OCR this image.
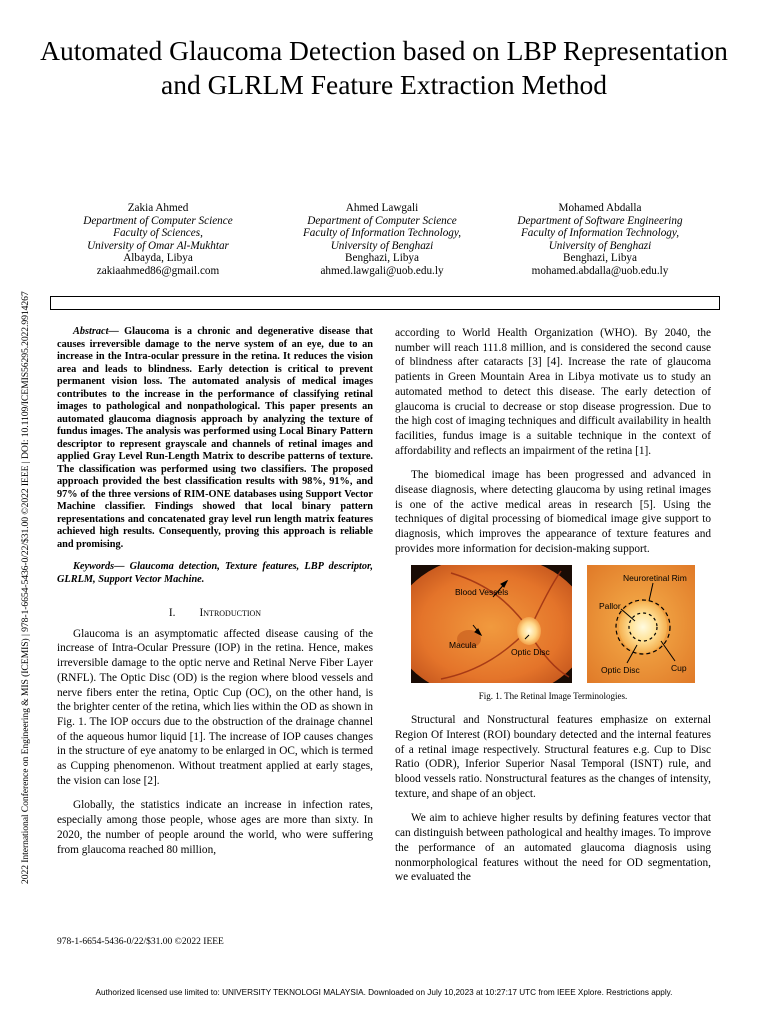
Automated Glaucoma Detection based on LBP Representation and GLRLM Feature Extraction Method
2022 International Conference on Engineering & MIS (ICEMIS) | 978-1-6654-5436-0/22/$31.00 ©2022 IEEE | DOI: 10.1109/ICEMIS56295.2022.9914267
Zakia Ahmed
Department of Computer Science
Faculty of Sciences,
University of Omar Al-Mukhtar
Albayda, Libya
zakiaahmed86@gmail.com
Ahmed Lawgali
Department of Computer Science
Faculty of Information Technology,
University of Benghazi
Benghazi, Libya
ahmed.lawgali@uob.edu.ly
Mohamed Abdalla
Department of Software Engineering
Faculty of Information Technology,
University of Benghazi
Benghazi, Libya
mohamed.abdalla@uob.edu.ly

Abstract— Glaucoma is a chronic and degenerative disease that causes irreversible damage to the nerve system of an eye, due to an increase in the Intra-ocular pressure in the retina. It reduces the vision area and leads to blindness. Early detection is critical to prevent permanent vision loss. The automated analysis of medical images contributes to the increase in the performance of classifying retinal images to pathological and nonpathological. This paper presents an automated glaucoma diagnosis approach by analyzing the texture of fundus images. The analysis was performed using Local Binary Pattern descriptor to represent grayscale and channels of retinal images and applied Gray Level Run-Length Matrix to describe patterns of texture. The classification was performed using two classifiers. The proposed approach provided the best classification results with 98%, 91%, and 97% of the three versions of RIM-ONE databases using Support Vector Machine classifier. Findings showed that local binary pattern representations and concatenated gray level run length matrix features achieved high results. Consequently, proving this approach is reliable and promising.

Keywords— Glaucoma detection, Texture features, LBP descriptor, GLRLM, Support Vector Machine.

I. Introduction

Glaucoma is an asymptomatic affected disease causing of the increase of Intra-Ocular Pressure (IOP) in the retina. Hence, makes irreversible damage to the optic nerve and Retinal Nerve Fiber Layer (RNFL). The Optic Disc (OD) is the region where blood vessels and nerve fibers enter the retina, Optic Cup (OC), on the other hand, is the brighter center of the retina, which lies within the OD as shown in Fig. 1. The IOP occurs due to the obstruction of the drainage channel of the aqueous humor liquid [1]. The increase of IOP causes changes in the structure of eye anatomy to be enlarged in OC, which is termed as Cupping phenomenon. Without treatment applied at early stages, the vision can lose [2].

Globally, the statistics indicate an increase in infection rates, especially among those people, whose ages are more than sixty. In 2020, the number of people around the world, who were suffering from glaucoma reached 80 million,

according to World Health Organization (WHO). By 2040, the number will reach 111.8 million, and is considered the second cause of blindness after cataracts [3] [4]. Increase the rate of glaucoma patients in Green Mountain Area in Libya motivate us to study an automated method to detect this disease. The early detection of glaucoma is crucial to decrease or stop disease progression. Due to the high cost of imaging techniques and difficult availability in health facilities, fundus image is a suitable technique in the context of affordability and reflects an impairment of the retina [1].

The biomedical image has been progressed and advanced in disease diagnosis, where detecting glaucoma by using retinal images is one of the active medical areas in research [5]. Using the techniques of digital processing of biomedical image give support to diagnosis, which improves the appearance of texture features and provides more information for decision-making support.

Blood Vessels
Macula
Optic Disc
Neuroretinal Rim
Pallor
Optic Disc	Cup

Fig. 1. The Retinal Image Terminologies.

Structural and Nonstructural features emphasize on external Region Of Interest (ROI) boundary detected and the internal features of a retinal image respectively. Structural features e.g. Cup to Disc Ratio (ODR), Inferior Superior Nasal Temporal (ISNT) rule, and blood vessels ratio. Nonstructural features as the changes of intensity, texture, and shape of an object.

We aim to achieve higher results by defining features vector that can distinguish between pathological and healthy images. To improve the performance of an automated glaucoma diagnosis using nonmorphological features without the need for OD segmentation, we evaluated the

978-1-6654-5436-0/22/$31.00 ©2022 IEEE
Authorized licensed use limited to: UNIVERSITY TEKNOLOGI MALAYSIA. Downloaded on July 10,2023 at 10:27:17 UTC from IEEE Xplore. Restrictions apply.
